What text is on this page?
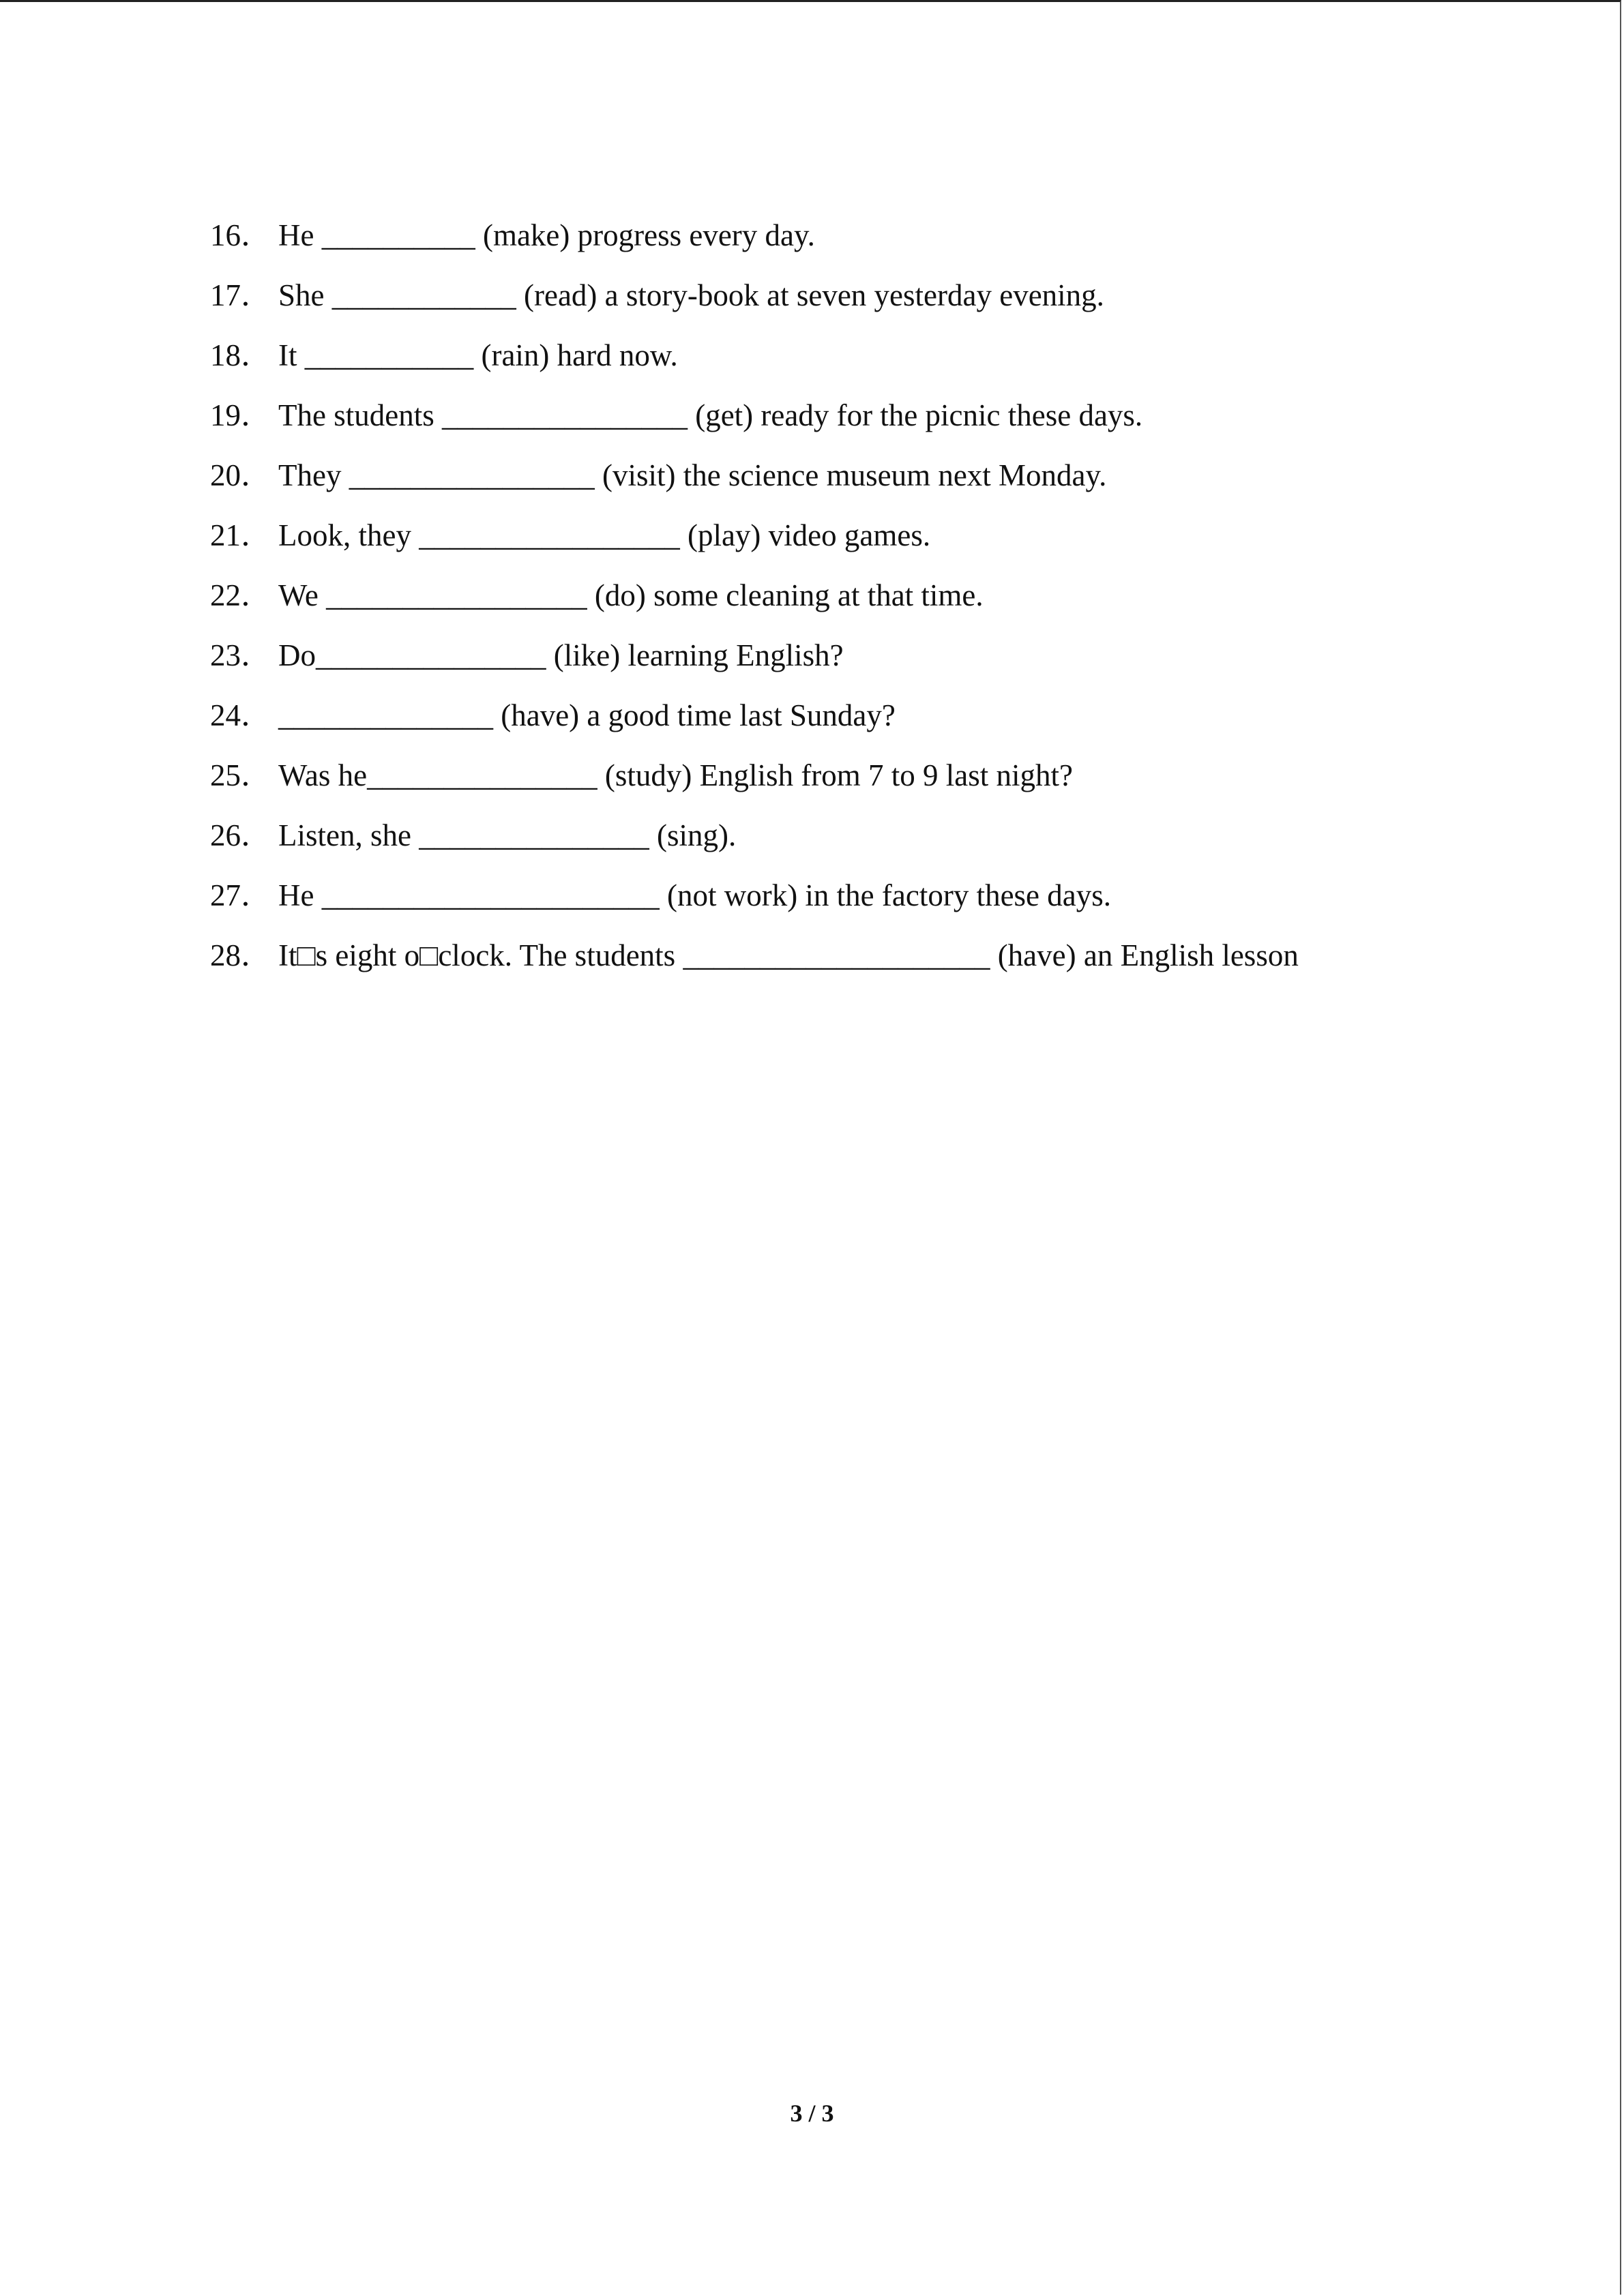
16． He __________ (make) progress every day.
17． She ____________ (read) a story-book at seven yesterday evening.
18． It ___________ (rain) hard now.
19． The students ________________ (get) ready for the picnic these days.
20． They ________________ (visit) the science museum next Monday.
21． Look, they _________________ (play) video games.
22． We _________________ (do) some cleaning at that time.
23． Do_______________ (like) learning English?
24． ______________ (have) a good time last Sunday?
25． Was he_______________ (study) English from 7 to 9 last night?
26． Listen, she _______________ (sing).
27． He ______________________ (not work) in the factory these days.
28． It□s eight o□clock. The students ____________________ (have) an English lesson
3 / 3
